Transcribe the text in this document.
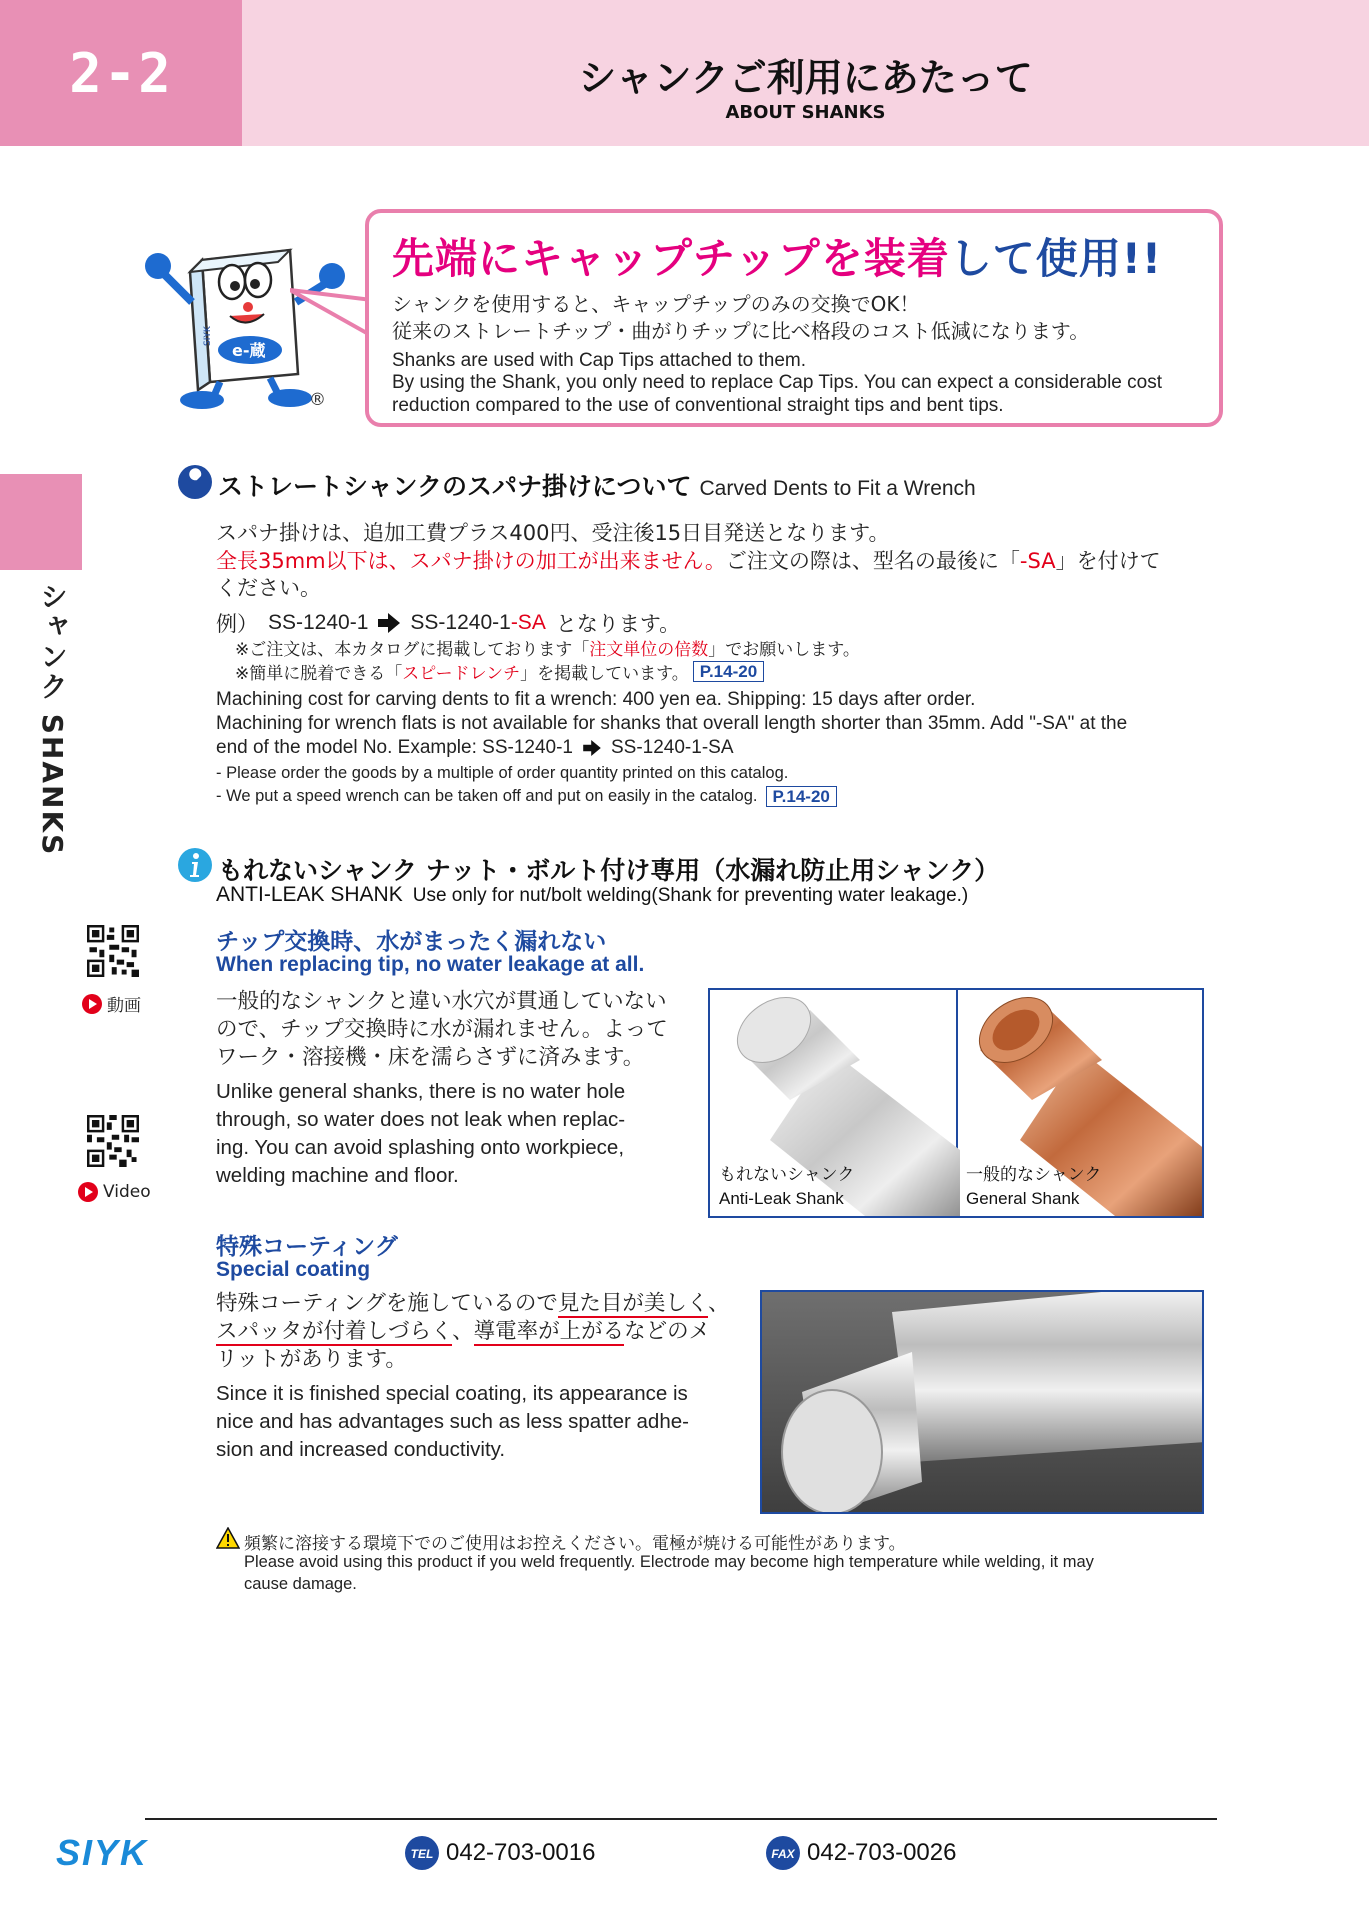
2-2	シャンクご利用にあたって
ABOUT SHANKS
シャンク SHANKS
e-蔵
SIYK
®
先端にキャップチップを装着して使用!!
シャンクを使用すると、キャップチップのみの交換でOK！
従来のストレートチップ・曲がりチップに比べ格段のコスト低減になります。
Shanks are used with Cap Tips attached to them.
By using the Shank, you only need to replace Cap Tips. You can expect a considerable cost
reduction compared to the use of conventional straight tips and bent tips.
ストレートシャンクのスパナ掛けについて Carved Dents to Fit a Wrench
スパナ掛けは、追加工費プラス400円、受注後15日目発送となります。
全長35mm以下は、スパナ掛けの加工が出来ません。ご注文の際は、型名の最後に「-SA」を付けて
ください。
例） SS-1240-1 SS-1240-1-SA となります。
※ご注文は、本カタログに掲載しております「注文単位の倍数」でお願いします。
※簡単に脱着できる「 スピードレンチ 」を掲載しています。 P.14-20
Machining cost for carving dents to fit a wrench: 400 yen ea. Shipping: 15 days after order.
Machining for wrench flats is not available for shanks that overall length shorter than 35mm. Add "-SA" at the
end of the model No. Example: SS-1240-1 SS-1240-1-SA
- Please order the goods by a multiple of order quantity printed on this catalog.
- We put a speed wrench can be taken off and put on easily in the catalog. P.14-20
もれないシャンク ナット・ボルト付け専用（水漏れ防止用シャンク）
ANTI-LEAK SHANK Use only for nut/bolt welding(Shank for preventing water leakage.)
チップ交換時、水がまったく漏れない
When replacing tip, no water leakage at all.
一般的なシャンクと違い水穴が貫通していない
ので、チップ交換時に水が漏れません。よって
ワーク・溶接機・床を濡らさずに済みます。
Unlike general shanks, there is no water hole
through, so water does not leak when replac-
ing. You can avoid splashing onto workpiece,
welding machine and floor.
動画
Video
もれないシャンク
Anti-Leak Shank
一般的なシャンク
General Shank
特殊コーティング
Special coating
特殊コーティングを施しているので見た目が美しく、
スパッタが付着しづらく、導電率が上がるなどのメ
リットがあります。
Since it is finished special coating, its appearance is
nice and has advantages such as less spatter adhe-
sion and increased conductivity.
頻繁に溶接する環境下でのご使用はお控えください。電極が焼ける可能性があります。
Please avoid using this product if you weld frequently. Electrode may become high temperature while welding, it may
cause damage.
SIYK	TEL 042-703-0016	FAX 042-703-0026
